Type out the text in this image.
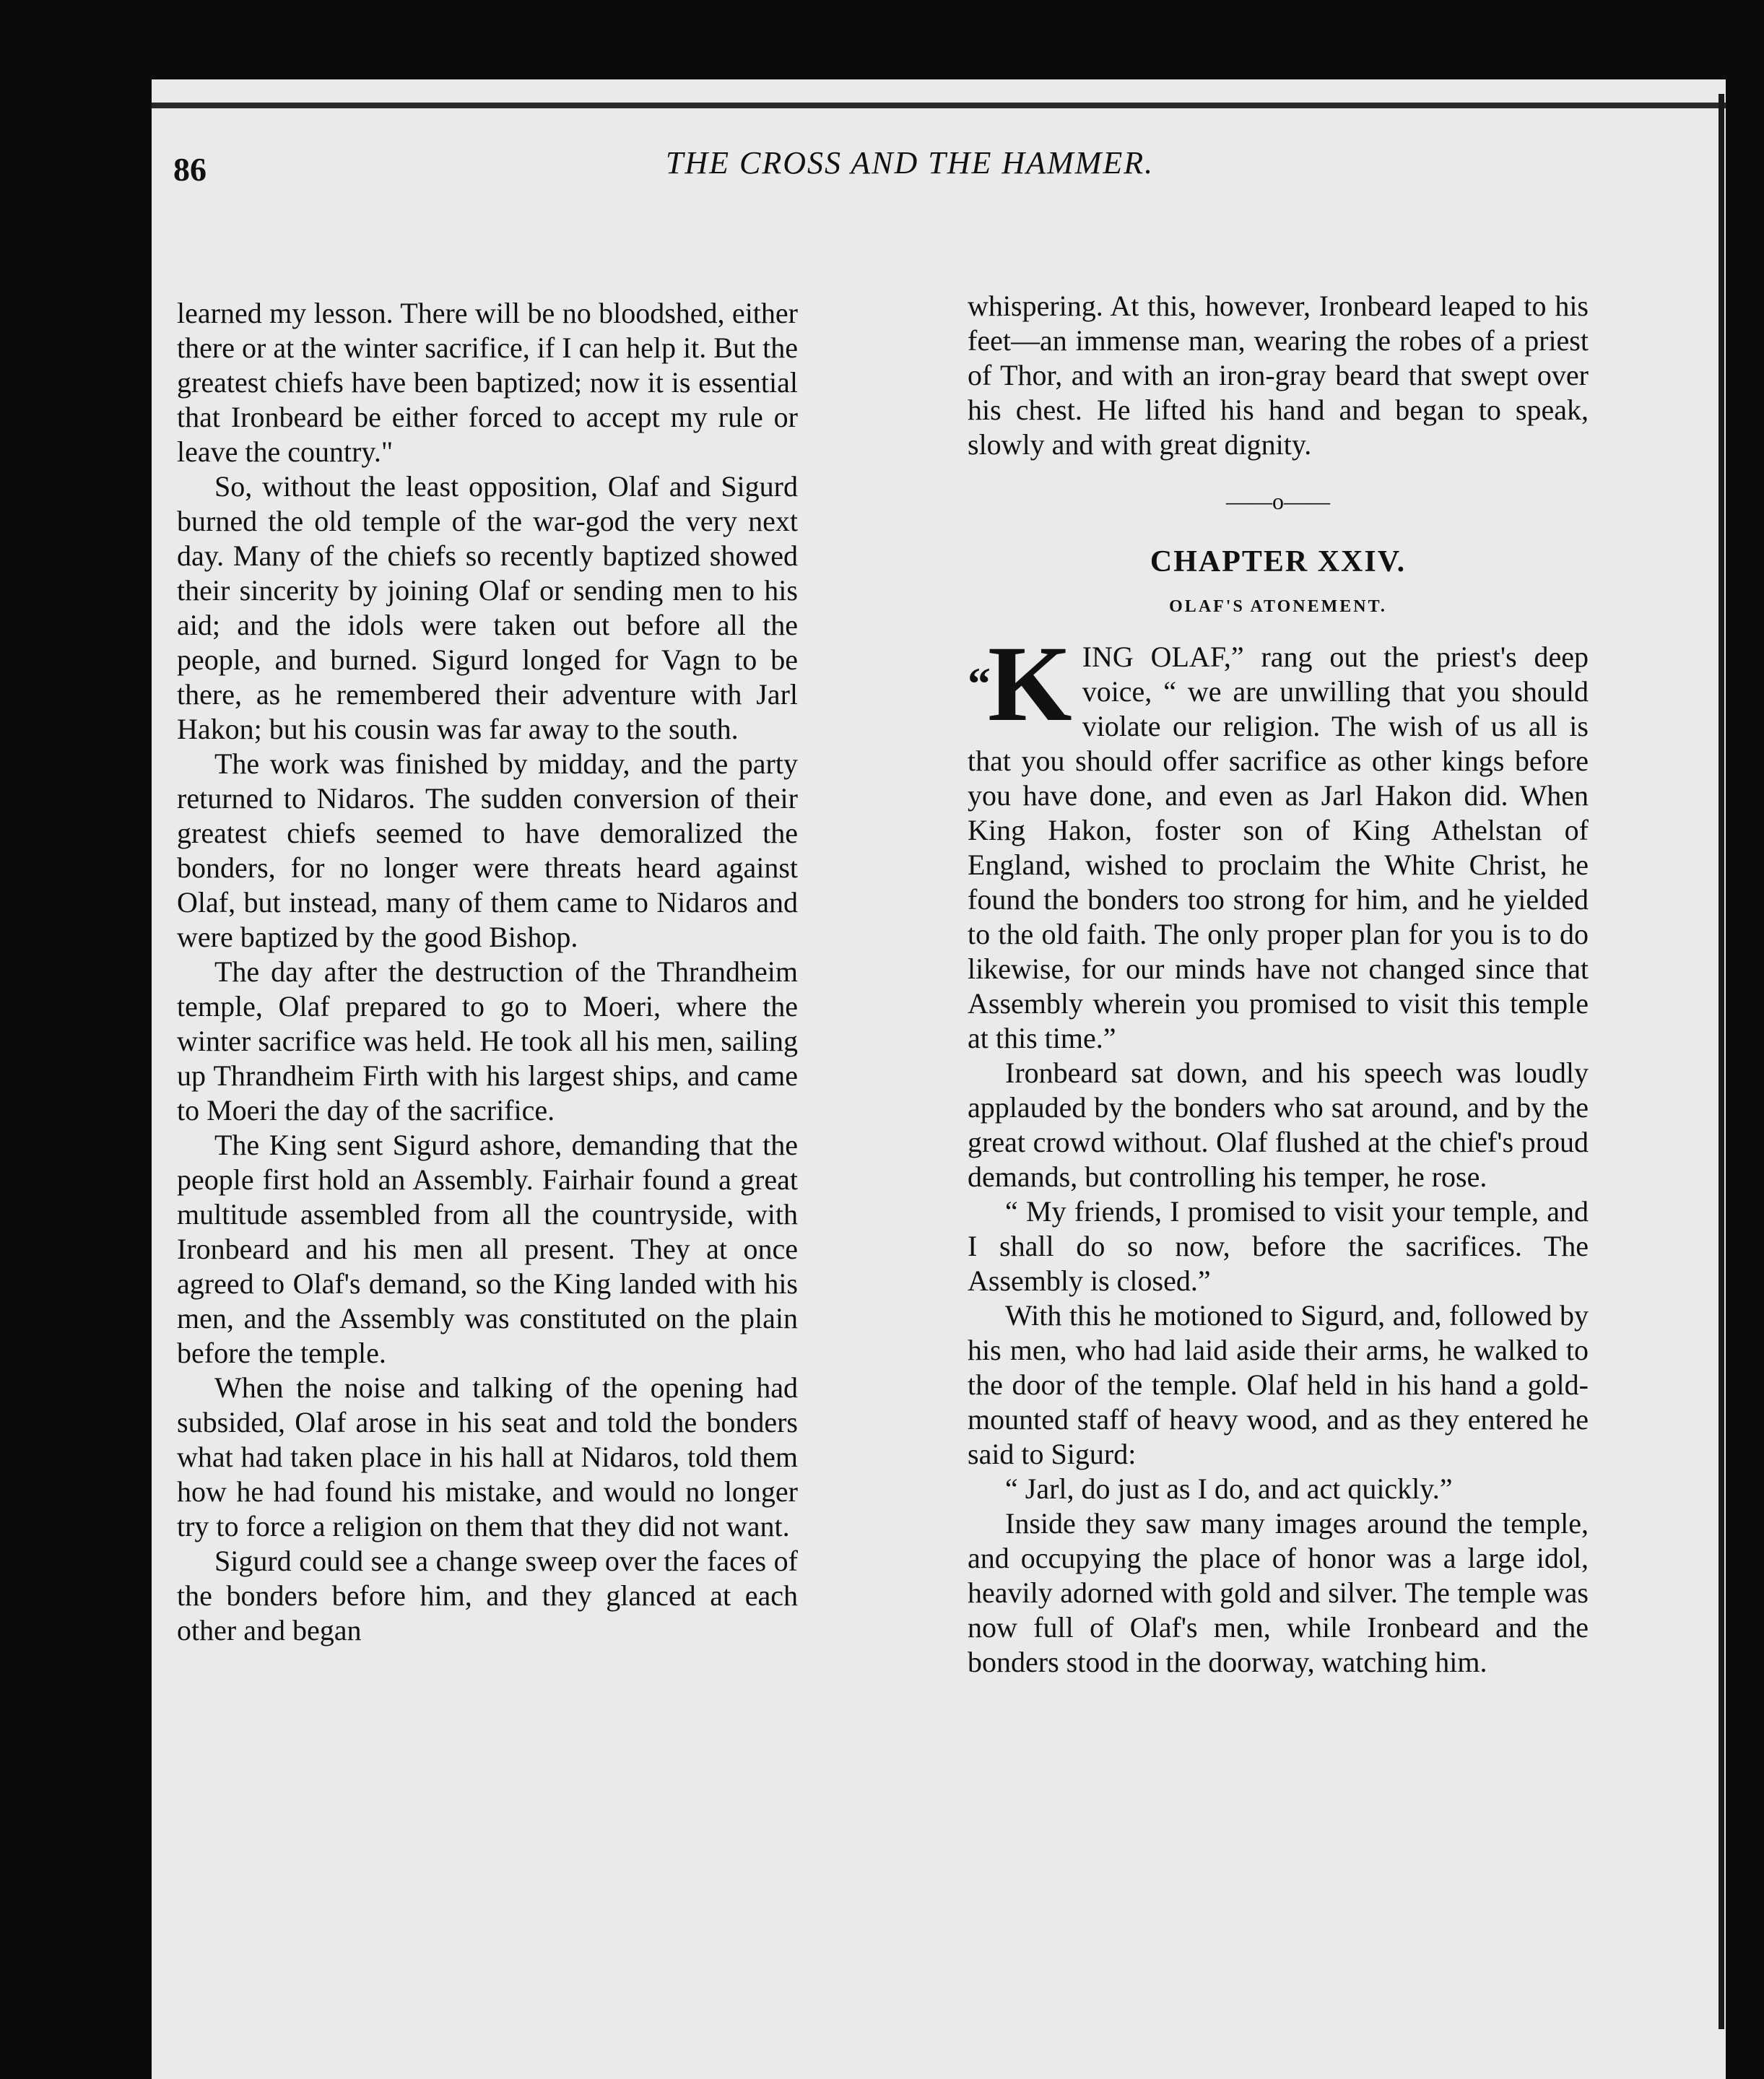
86	THE CROSS AND THE HAMMER.

learned my lesson. There will be no bloodshed, either there or at the winter sacrifice, if I can help it. But the greatest chiefs have been baptized; now it is essential that Ironbeard be either forced to accept my rule or leave the country."

So, without the least opposition, Olaf and Sigurd burned the old temple of the war-god the very next day. Many of the chiefs so recently baptized showed their sincerity by joining Olaf or sending men to his aid; and the idols were taken out before all the people, and burned. Sigurd longed for Vagn to be there, as he remembered their adventure with Jarl Hakon; but his cousin was far away to the south.

The work was finished by midday, and the party returned to Nidaros. The sudden conversion of their greatest chiefs seemed to have demoralized the bonders, for no longer were threats heard against Olaf, but instead, many of them came to Nidaros and were baptized by the good Bishop.

The day after the destruction of the Thrandheim temple, Olaf prepared to go to Moeri, where the winter sacrifice was held. He took all his men, sailing up Thrandheim Firth with his largest ships, and came to Moeri the day of the sacrifice.

The King sent Sigurd ashore, demanding that the people first hold an Assembly. Fairhair found a great multitude assembled from all the countryside, with Ironbeard and his men all present. They at once agreed to Olaf's demand, so the King landed with his men, and the Assembly was constituted on the plain before the temple.

When the noise and talking of the opening had subsided, Olaf arose in his seat and told the bonders what had taken place in his hall at Nidaros, told them how he had found his mistake, and would no longer try to force a religion on them that they did not want.

Sigurd could see a change sweep over the faces of the bonders before him, and they glanced at each other and began

whispering. At this, however, Ironbeard leaped to his feet—an immense man, wearing the robes of a priest of Thor, and with an iron-gray beard that swept over his chest. He lifted his hand and began to speak, slowly and with great dignity.

——o——
CHAPTER XXIV.
OLAF'S ATONEMENT.

“K ING OLAF,” rang out the priest's deep voice, “ we are unwilling that you should violate our religion. The wish of us all is that you should offer sacrifice as other kings before you have done, and even as Jarl Hakon did. When King Hakon, foster son of King Athelstan of England, wished to proclaim the White Christ, he found the bonders too strong for him, and he yielded to the old faith. The only proper plan for you is to do likewise, for our minds have not changed since that Assembly wherein you promised to visit this temple at this time.”

Ironbeard sat down, and his speech was loudly applauded by the bonders who sat around, and by the great crowd without. Olaf flushed at the chief's proud demands, but controlling his temper, he rose.

“ My friends, I promised to visit your temple, and I shall do so now, before the sacrifices. The Assembly is closed.”

With this he motioned to Sigurd, and, followed by his men, who had laid aside their arms, he walked to the door of the temple. Olaf held in his hand a gold-mounted staff of heavy wood, and as they entered he said to Sigurd:

“ Jarl, do just as I do, and act quickly.”

Inside they saw many images around the temple, and occupying the place of honor was a large idol, heavily adorned with gold and silver. The temple was now full of Olaf's men, while Ironbeard and the bonders stood in the doorway, watching him.
